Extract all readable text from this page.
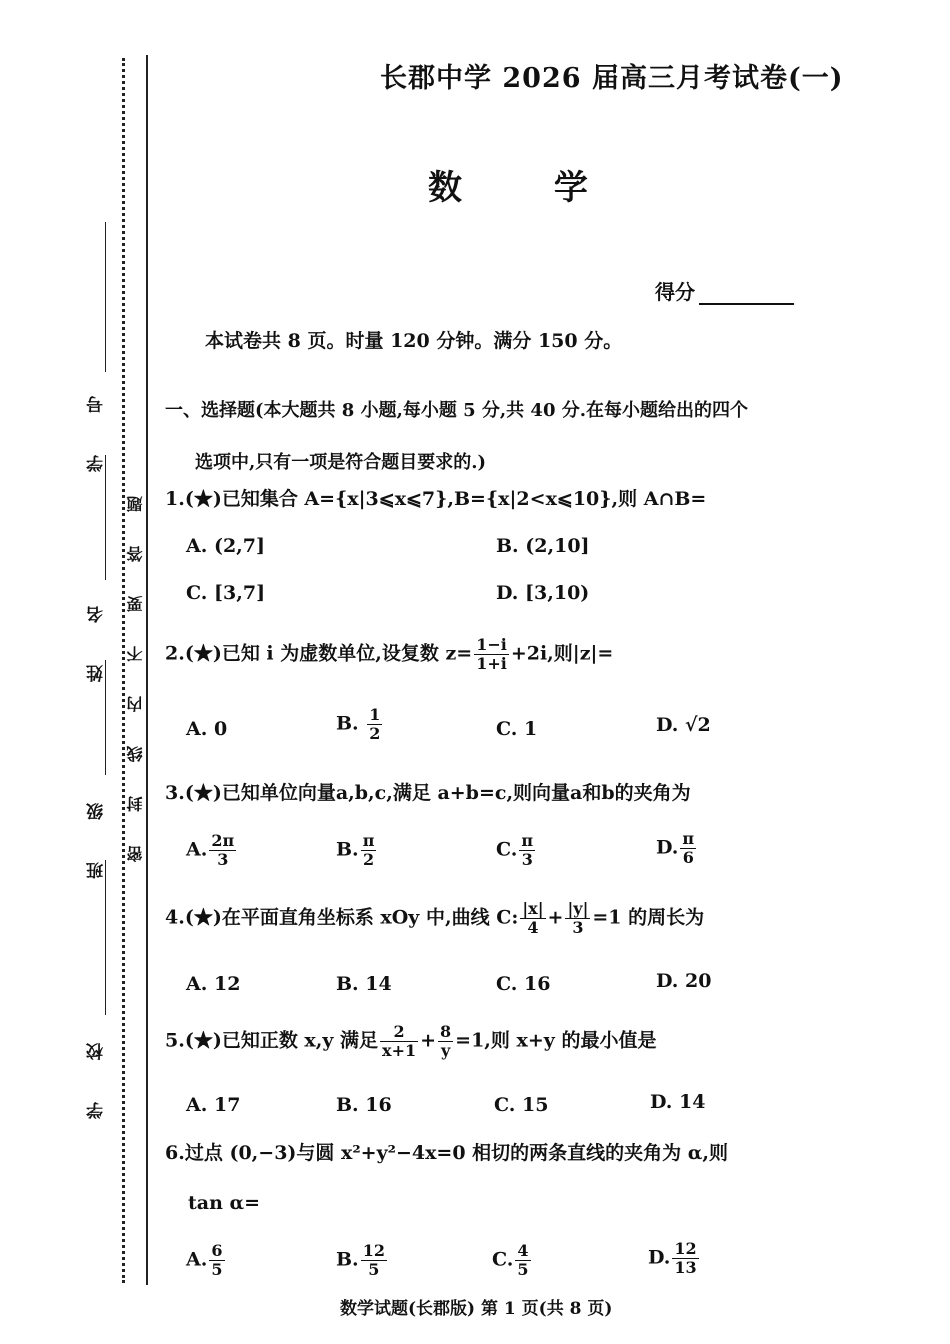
学 号
姓 名
班 级
学 校
密封线内不要答题
长郡中学 2026 届高三月考试卷(一)
数 学
得分
本试卷共 8 页。时量 120 分钟。满分 150 分。
一、选择题(本大题共 8 小题,每小题 5 分,共 40 分.在每小题给出的四个
选项中,只有一项是符合题目要求的.)
1.(★)已知集合 A={x|3⩽x⩽7},B={x|2<x⩽10},则 A∩B=
A. (2,7]	B. (2,10]
C. [3,7]	D. [3,10)
2.(★)已知 i 为虚数单位,设复数 $z= \frac{1-i}{1+i} +2i$,则|z|=
A. 0	B. $\frac{1}{2}$	C. 1	D. √2
3.(★)已知单位向量a,b,c,满足 a+b=c,则向量a和b的夹角为
A. $\frac{2\pi}{3}$	B. $\frac{\pi}{2}$	C. $\frac{\pi}{3}$	D. $\frac{\pi}{6}$
4.(★)在平面直角坐标系 xOy 中,曲线 C: $\frac{|x|}{4} + \frac{|y|}{3} =1$ 的周长为
A. 12	B. 14	C. 16	D. 20
5.(★)已知正数 x,y 满足 $\frac{2}{x+1} + \frac{8}{y} =1$,则 x+y 的最小值是
A. 17	B. 16	C. 15	D. 14
6.过点 (0,−3)与圆 x²+y²−4x=0 相切的两条直线的夹角为 α,则
tan α=
A. $\frac{6}{5}$	B. $\frac{12}{5}$	C. $\frac{4}{5}$	D. $\frac{12}{13}$
数学试题(长郡版) 第 1 页(共 8 页)
